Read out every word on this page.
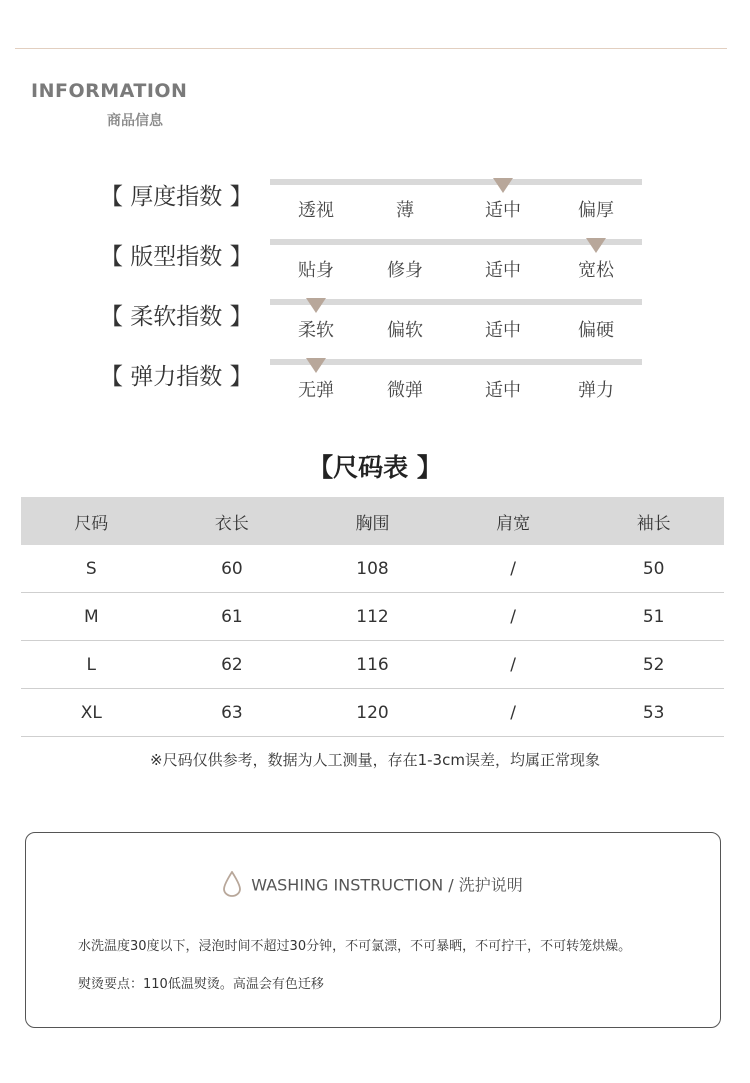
INFORMATION
商品信息
【 厚度指数 】
透视	薄	适中	偏厚
【 版型指数 】
贴身	修身	适中	宽松
【 柔软指数 】
柔软	偏软	适中	偏硬
【 弹力指数 】
无弹	微弹	适中	弹力
【尺码表 】
尺码	衣长	胸围	肩宽	袖长
S	60	108	/	50
M	61	112	/	51
L	62	116	/	52
XL	63	120	/	53
※尺码仅供参考，数据为人工测量，存在1-3cm误差，均属正常现象
WASHING INSTRUCTION / 洗护说明
水洗温度30度以下，浸泡时间不超过30分钟，不可氯漂，不可暴晒，不可拧干，不可转笼烘燥。
熨烫要点：110低温熨烫。高温会有色迁移
